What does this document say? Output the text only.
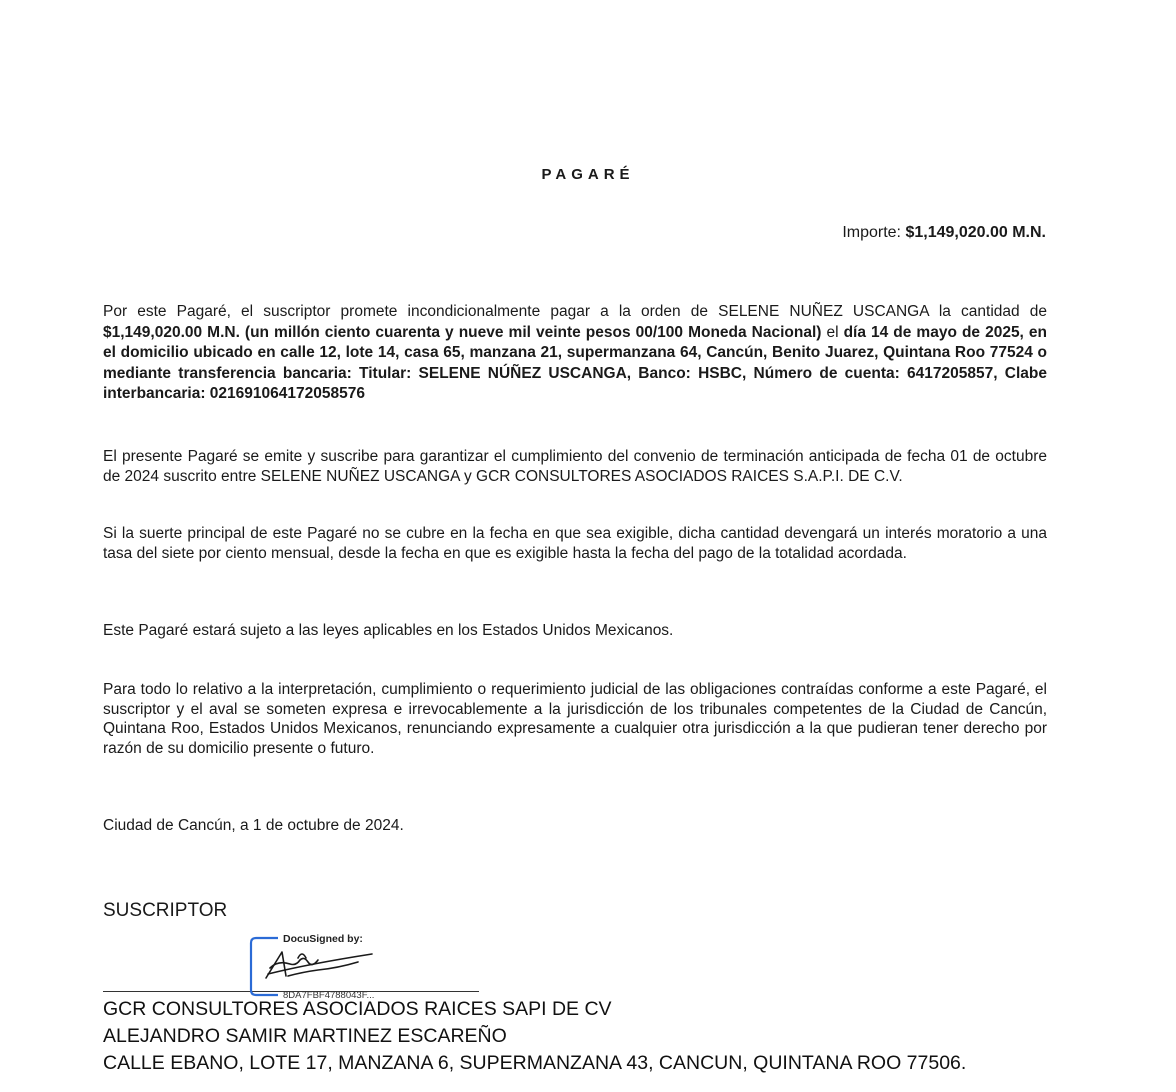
PAGARÉ
Importe: $1,149,020.00 M.N.
Por este Pagaré, el suscriptor promete incondicionalmente pagar a la orden de SELENE NUÑEZ USCANGA la cantidad de $1,149,020.00 M.N. (un millón ciento cuarenta y nueve mil veinte pesos 00/100 Moneda Nacional) el día 14 de mayo de 2025, en el domicilio ubicado en calle 12, lote 14, casa 65, manzana 21, supermanzana 64, Cancún, Benito Juarez, Quintana Roo 77524 o mediante transferencia bancaria: Titular: SELENE NÚÑEZ USCANGA, Banco: HSBC, Número de cuenta: 6417205857, Clabe interbancaria: 021691064172058576
El presente Pagaré se emite y suscribe para garantizar el cumplimiento del convenio de terminación anticipada de fecha 01 de octubre de 2024 suscrito entre SELENE NUÑEZ USCANGA y GCR CONSULTORES ASOCIADOS RAICES S.A.P.I. DE C.V.
Si la suerte principal de este Pagaré no se cubre en la fecha en que sea exigible, dicha cantidad devengará un interés moratorio a una tasa del siete por ciento mensual, desde la fecha en que es exigible hasta la fecha del pago de la totalidad acordada.
Este Pagaré estará sujeto a las leyes aplicables en los Estados Unidos Mexicanos.
Para todo lo relativo a la interpretación, cumplimiento o requerimiento judicial de las obligaciones contraídas conforme a este Pagaré, el suscriptor y el aval se someten expresa e irrevocablemente a la jurisdicción de los tribunales competentes de la Ciudad de Cancún, Quintana Roo, Estados Unidos Mexicanos, renunciando expresamente a cualquier otra jurisdicción a la que pudieran tener derecho por razón de su domicilio presente o futuro.
Ciudad de Cancún, a 1 de octubre de 2024.
SUSCRIPTOR
DocuSigned by:
8DA7FBF4788043F...
GCR CONSULTORES ASOCIADOS RAICES SAPI DE CV
ALEJANDRO SAMIR MARTINEZ ESCAREÑO
CALLE EBANO, LOTE 17, MANZANA 6, SUPERMANZANA 43, CANCUN, QUINTANA ROO 77506.
